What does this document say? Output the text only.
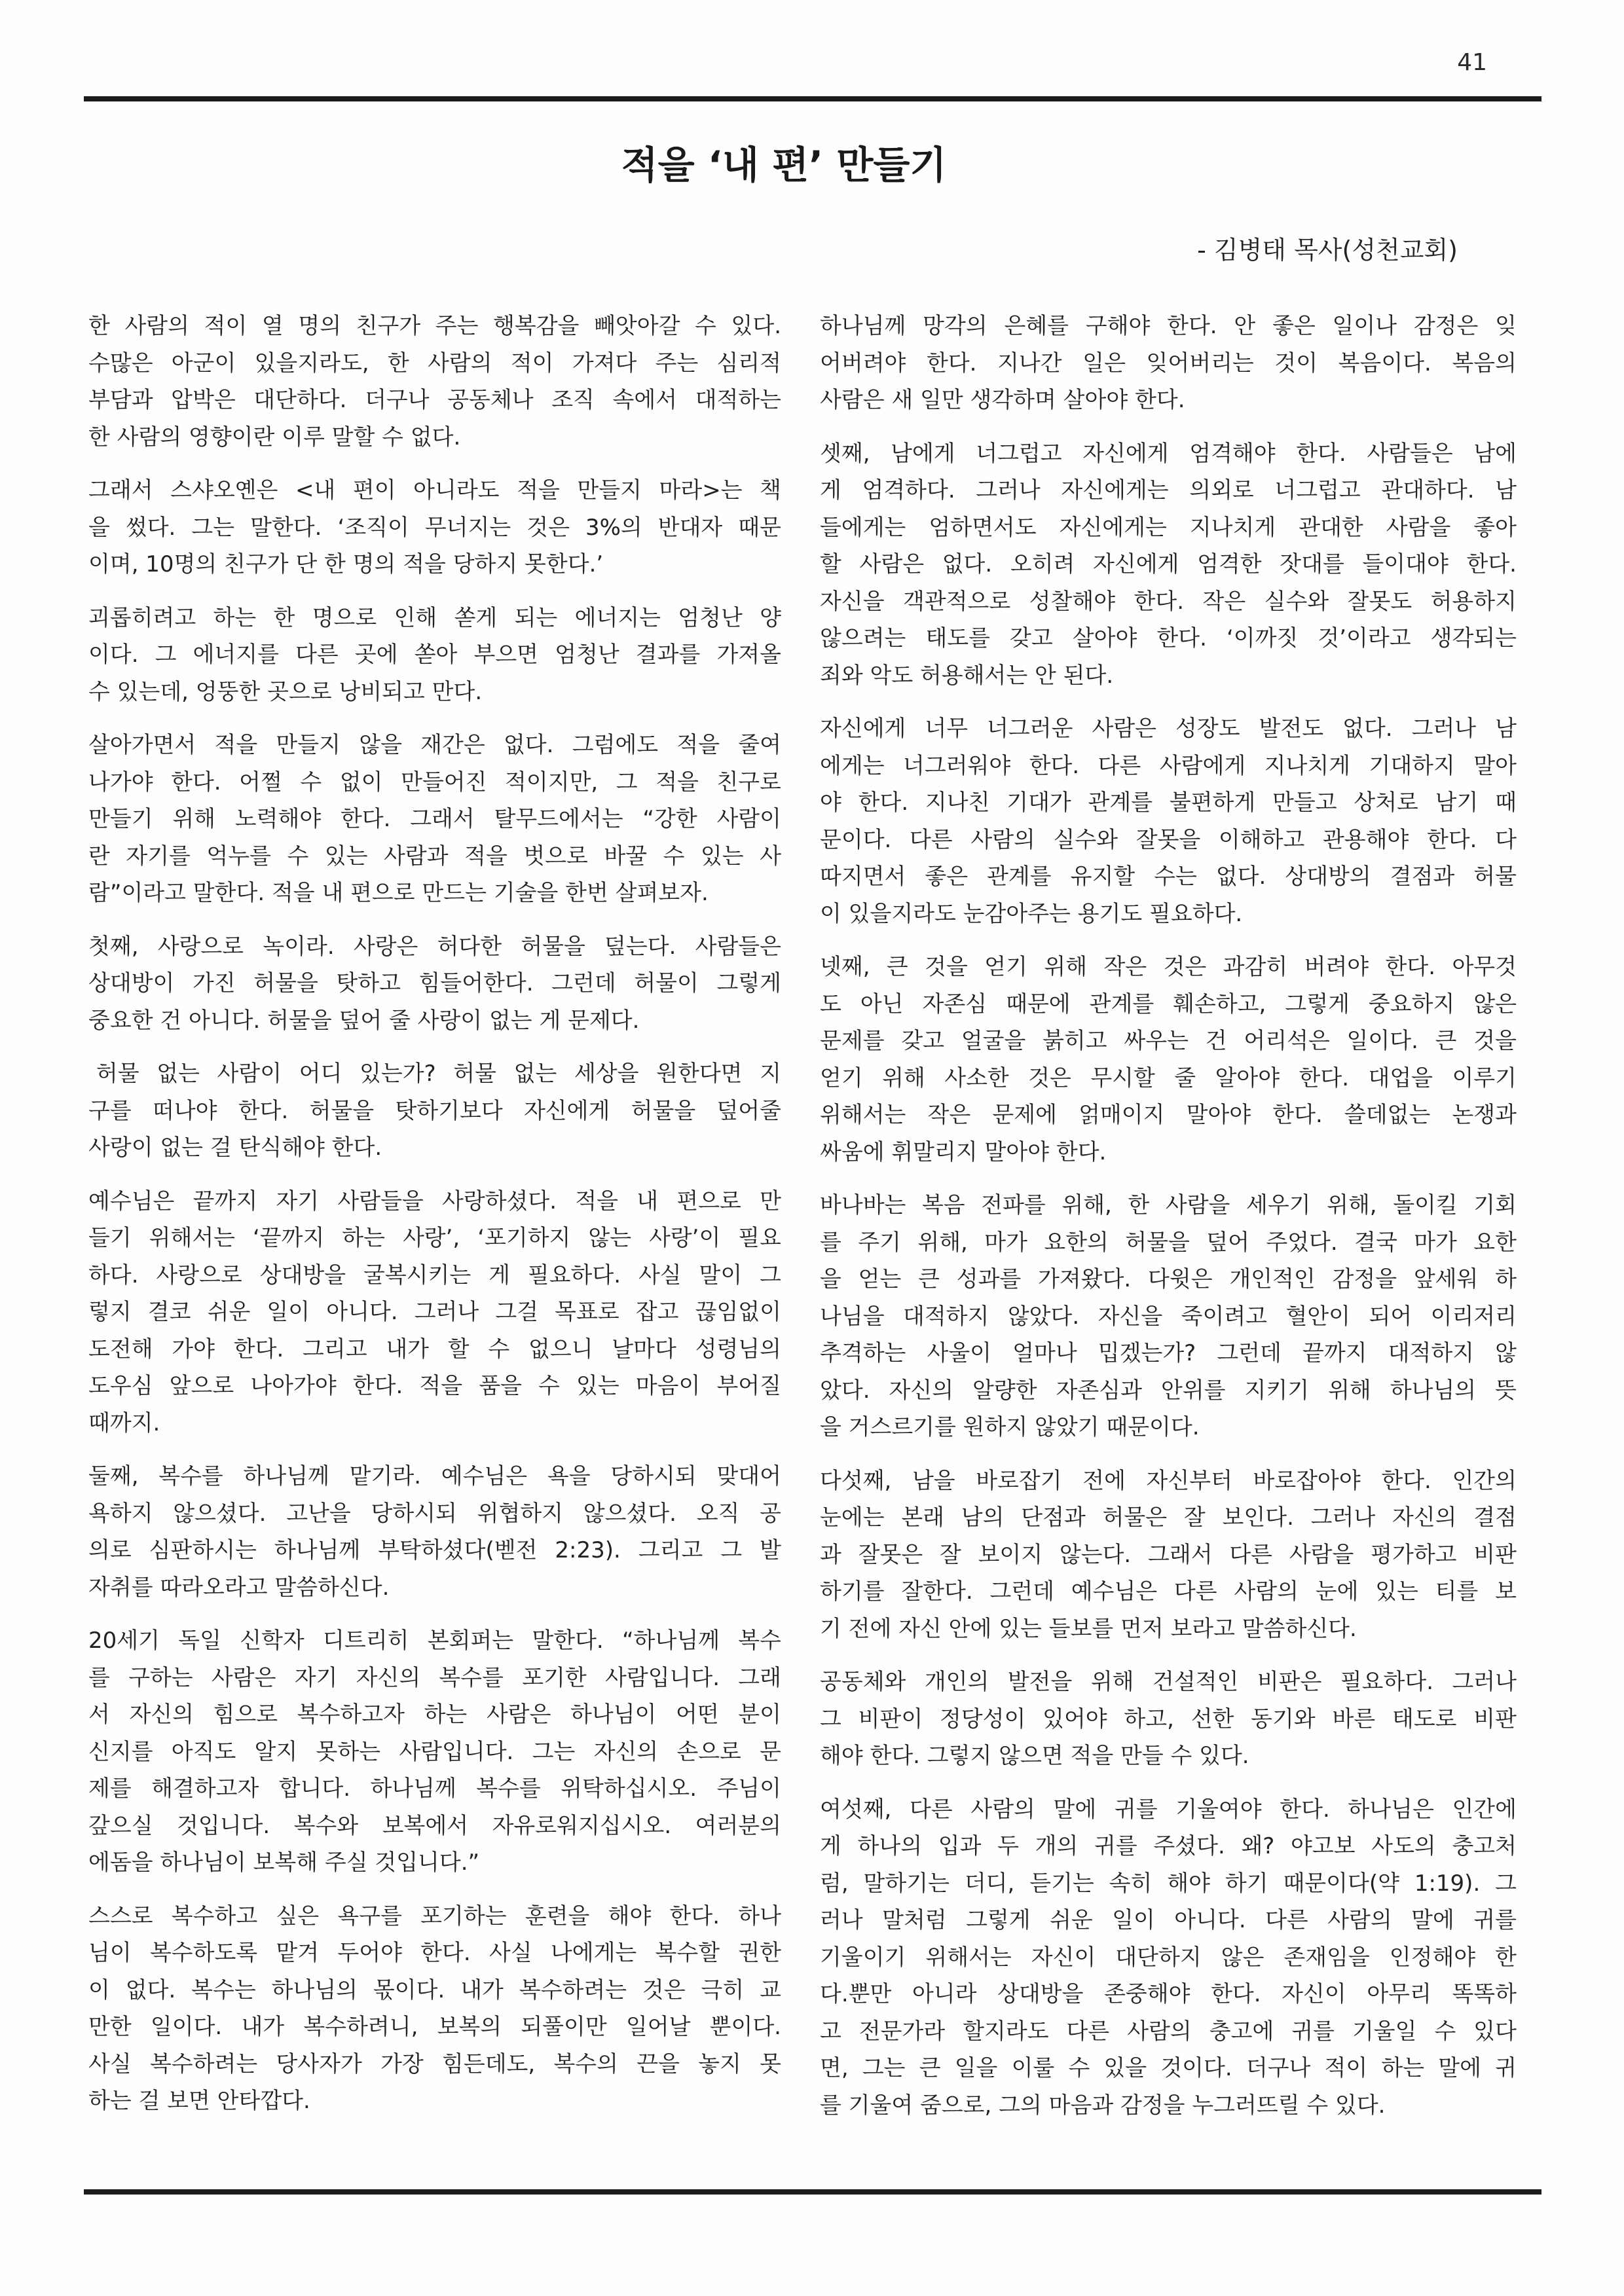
41
적을 ‘내 편’ 만들기
- 김병태 목사(성천교회)
한 사람의 적이 열 명의 친구가 주는 행복감을 빼앗아갈 수 있다.
수많은 아군이 있을지라도, 한 사람의 적이 가져다 주는 심리적
부담과 압박은 대단하다. 더구나 공동체나 조직 속에서 대적하는
한 사람의 영향이란 이루 말할 수 없다.
그래서 스샤오옌은 <내 편이 아니라도 적을 만들지 마라>는 책
을 썼다. 그는 말한다. ‘조직이 무너지는 것은 3%의 반대자 때문
이며, 10명의 친구가 단 한 명의 적을 당하지 못한다.’
괴롭히려고 하는 한 명으로 인해 쏟게 되는 에너지는 엄청난 양
이다. 그 에너지를 다른 곳에 쏟아 부으면 엄청난 결과를 가져올
수 있는데, 엉뚱한 곳으로 낭비되고 만다.
살아가면서 적을 만들지 않을 재간은 없다. 그럼에도 적을 줄여
나가야 한다. 어쩔 수 없이 만들어진 적이지만, 그 적을 친구로
만들기 위해 노력해야 한다. 그래서 탈무드에서는 “강한 사람이
란 자기를 억누를 수 있는 사람과 적을 벗으로 바꿀 수 있는 사
람”이라고 말한다. 적을 내 편으로 만드는 기술을 한번 살펴보자.
첫째, 사랑으로 녹이라. 사랑은 허다한 허물을 덮는다. 사람들은
상대방이 가진 허물을 탓하고 힘들어한다. 그런데 허물이 그렇게
중요한 건 아니다. 허물을 덮어 줄 사랑이 없는 게 문제다.
허물 없는 사람이 어디 있는가? 허물 없는 세상을 원한다면 지
구를 떠나야 한다. 허물을 탓하기보다 자신에게 허물을 덮어줄
사랑이 없는 걸 탄식해야 한다.
예수님은 끝까지 자기 사람들을 사랑하셨다. 적을 내 편으로 만
들기 위해서는 ‘끝까지 하는 사랑’, ‘포기하지 않는 사랑’이 필요
하다. 사랑으로 상대방을 굴복시키는 게 필요하다. 사실 말이 그
렇지 결코 쉬운 일이 아니다. 그러나 그걸 목표로 잡고 끊임없이
도전해 가야 한다. 그리고 내가 할 수 없으니 날마다 성령님의
도우심 앞으로 나아가야 한다. 적을 품을 수 있는 마음이 부어질
때까지.
둘째, 복수를 하나님께 맡기라. 예수님은 욕을 당하시되 맞대어
욕하지 않으셨다. 고난을 당하시되 위협하지 않으셨다. 오직 공
의로 심판하시는 하나님께 부탁하셨다(벧전 2:23). 그리고 그 발
자취를 따라오라고 말씀하신다.
20세기 독일 신학자 디트리히 본회퍼는 말한다. “하나님께 복수
를 구하는 사람은 자기 자신의 복수를 포기한 사람입니다. 그래
서 자신의 힘으로 복수하고자 하는 사람은 하나님이 어떤 분이
신지를 아직도 알지 못하는 사람입니다. 그는 자신의 손으로 문
제를 해결하고자 합니다. 하나님께 복수를 위탁하십시오. 주님이
갚으실 것입니다. 복수와 보복에서 자유로워지십시오. 여러분의
에돔을 하나님이 보복해 주실 것입니다.”
스스로 복수하고 싶은 욕구를 포기하는 훈련을 해야 한다. 하나
님이 복수하도록 맡겨 두어야 한다. 사실 나에게는 복수할 권한
이 없다. 복수는 하나님의 몫이다. 내가 복수하려는 것은 극히 교
만한 일이다. 내가 복수하려니, 보복의 되풀이만 일어날 뿐이다.
사실 복수하려는 당사자가 가장 힘든데도, 복수의 끈을 놓지 못
하는 걸 보면 안타깝다.
하나님께 망각의 은혜를 구해야 한다. 안 좋은 일이나 감정은 잊
어버려야 한다. 지나간 일은 잊어버리는 것이 복음이다. 복음의
사람은 새 일만 생각하며 살아야 한다.
셋째, 남에게 너그럽고 자신에게 엄격해야 한다. 사람들은 남에
게 엄격하다. 그러나 자신에게는 의외로 너그럽고 관대하다. 남
들에게는 엄하면서도 자신에게는 지나치게 관대한 사람을 좋아
할 사람은 없다. 오히려 자신에게 엄격한 잣대를 들이대야 한다.
자신을 객관적으로 성찰해야 한다. 작은 실수와 잘못도 허용하지
않으려는 태도를 갖고 살아야 한다. ‘이까짓 것’이라고 생각되는
죄와 악도 허용해서는 안 된다.
자신에게 너무 너그러운 사람은 성장도 발전도 없다. 그러나 남
에게는 너그러워야 한다. 다른 사람에게 지나치게 기대하지 말아
야 한다. 지나친 기대가 관계를 불편하게 만들고 상처로 남기 때
문이다. 다른 사람의 실수와 잘못을 이해하고 관용해야 한다. 다
따지면서 좋은 관계를 유지할 수는 없다. 상대방의 결점과 허물
이 있을지라도 눈감아주는 용기도 필요하다.
넷째, 큰 것을 얻기 위해 작은 것은 과감히 버려야 한다. 아무것
도 아닌 자존심 때문에 관계를 훼손하고, 그렇게 중요하지 않은
문제를 갖고 얼굴을 붉히고 싸우는 건 어리석은 일이다. 큰 것을
얻기 위해 사소한 것은 무시할 줄 알아야 한다. 대업을 이루기
위해서는 작은 문제에 얽매이지 말아야 한다. 쓸데없는 논쟁과
싸움에 휘말리지 말아야 한다.
바나바는 복음 전파를 위해, 한 사람을 세우기 위해, 돌이킬 기회
를 주기 위해, 마가 요한의 허물을 덮어 주었다. 결국 마가 요한
을 얻는 큰 성과를 가져왔다. 다윗은 개인적인 감정을 앞세워 하
나님을 대적하지 않았다. 자신을 죽이려고 혈안이 되어 이리저리
추격하는 사울이 얼마나 밉겠는가? 그런데 끝까지 대적하지 않
았다. 자신의 알량한 자존심과 안위를 지키기 위해 하나님의 뜻
을 거스르기를 원하지 않았기 때문이다.
다섯째, 남을 바로잡기 전에 자신부터 바로잡아야 한다. 인간의
눈에는 본래 남의 단점과 허물은 잘 보인다. 그러나 자신의 결점
과 잘못은 잘 보이지 않는다. 그래서 다른 사람을 평가하고 비판
하기를 잘한다. 그런데 예수님은 다른 사람의 눈에 있는 티를 보
기 전에 자신 안에 있는 들보를 먼저 보라고 말씀하신다.
공동체와 개인의 발전을 위해 건설적인 비판은 필요하다. 그러나
그 비판이 정당성이 있어야 하고, 선한 동기와 바른 태도로 비판
해야 한다. 그렇지 않으면 적을 만들 수 있다.
여섯째, 다른 사람의 말에 귀를 기울여야 한다. 하나님은 인간에
게 하나의 입과 두 개의 귀를 주셨다. 왜? 야고보 사도의 충고처
럼, 말하기는 더디, 듣기는 속히 해야 하기 때문이다(약 1:19). 그
러나 말처럼 그렇게 쉬운 일이 아니다. 다른 사람의 말에 귀를
기울이기 위해서는 자신이 대단하지 않은 존재임을 인정해야 한
다.뿐만 아니라 상대방을 존중해야 한다. 자신이 아무리 똑똑하
고 전문가라 할지라도 다른 사람의 충고에 귀를 기울일 수 있다
면, 그는 큰 일을 이룰 수 있을 것이다. 더구나 적이 하는 말에 귀
를 기울여 줌으로, 그의 마음과 감정을 누그러뜨릴 수 있다.
